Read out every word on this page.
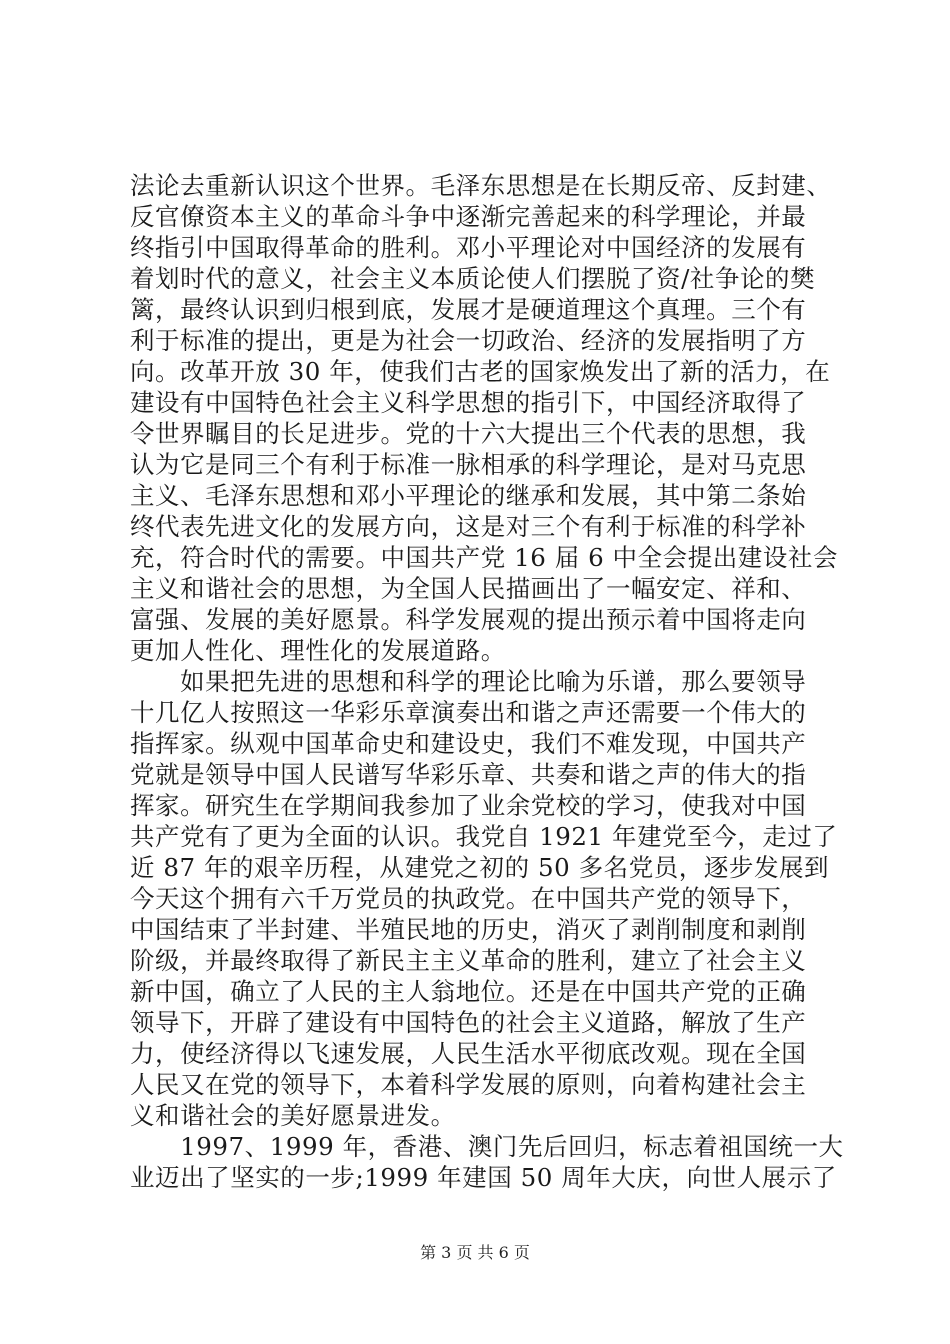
法论去重新认识这个世界。毛泽东思想是在长期反帝、反封建、
反官僚资本主义的革命斗争中逐渐完善起来的科学理论，并最
终指引中国取得革命的胜利。邓小平理论对中国经济的发展有
着划时代的意义，社会主义本质论使人们摆脱了资/社争论的樊
篱，最终认识到归根到底，发展才是硬道理这个真理。三个有
利于标准的提出，更是为社会一切政治、经济的发展指明了方
向。改革开放 30 年，使我们古老的国家焕发出了新的活力，在
建设有中国特色社会主义科学思想的指引下，中国经济取得了
令世界瞩目的长足进步。党的十六大提出三个代表的思想，我
认为它是同三个有利于标准一脉相承的科学理论，是对马克思
主义、毛泽东思想和邓小平理论的继承和发展，其中第二条始
终代表先进文化的发展方向，这是对三个有利于标准的科学补
充，符合时代的需要。中国共产党 16 届 6 中全会提出建设社会
主义和谐社会的思想，为全国人民描画出了一幅安定、祥和、
富强、发展的美好愿景。科学发展观的提出预示着中国将走向
更加人性化、理性化的发展道路。
　　如果把先进的思想和科学的理论比喻为乐谱，那么要领导
十几亿人按照这一华彩乐章演奏出和谐之声还需要一个伟大的
指挥家。纵观中国革命史和建设史，我们不难发现，中国共产
党就是领导中国人民谱写华彩乐章、共奏和谐之声的伟大的指
挥家。研究生在学期间我参加了业余党校的学习，使我对中国
共产党有了更为全面的认识。我党自 1921 年建党至今，走过了
近 87 年的艰辛历程，从建党之初的 50 多名党员，逐步发展到
今天这个拥有六千万党员的执政党。在中国共产党的领导下，
中国结束了半封建、半殖民地的历史，消灭了剥削制度和剥削
阶级，并最终取得了新民主主义革命的胜利，建立了社会主义
新中国，确立了人民的主人翁地位。还是在中国共产党的正确
领导下，开辟了建设有中国特色的社会主义道路，解放了生产
力，使经济得以飞速发展，人民生活水平彻底改观。现在全国
人民又在党的领导下，本着科学发展的原则，向着构建社会主
义和谐社会的美好愿景进发。
　　1997、1999 年，香港、澳门先后回归，标志着祖国统一大
业迈出了坚实的一步;1999 年建国 50 周年大庆，向世人展示了
第 3 页 共 6 页
